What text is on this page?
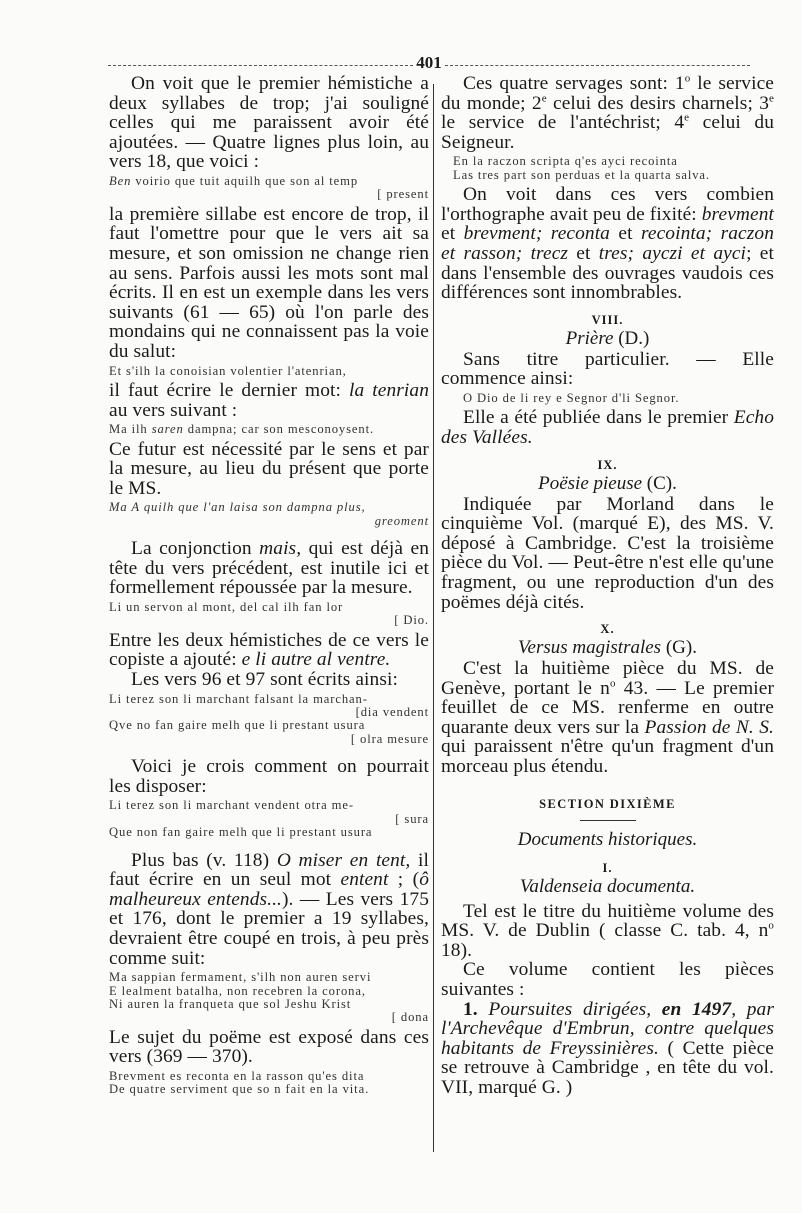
401

On voit que le premier hémistiche a deux syllabes de trop; j'ai souligné celles qui me paraissent avoir été ajoutées. — Quatre lignes plus loin, au vers 18, que voici :

Ben voirio que tuit aquilh que son al temp
[ present

la première sillabe est encore de trop, il faut l'omettre pour que le vers ait sa mesure, et son omission ne change rien au sens. Parfois aussi les mots sont mal écrits. Il en est un exemple dans les vers suivants (61 — 65) où l'on parle des mondains qui ne connaissent pas la voie du salut:

Et s'ilh la conoisian volentier l'atenrian,

il faut écrire le dernier mot: la tenrian au vers suivant :

Ma ilh saren dampna; car son mesconoysent.

Ce futur est nécessité par le sens et par la mesure, au lieu du présent que porte le MS.

Ma A quilh que l'an laisa son dampna plus,
greoment

La conjonction mais, qui est déjà en tête du vers précédent, est inutile ici et formellement répoussée par la mesure.

Li un servon al mont, del cal ilh fan lor
[ Dio.

Entre les deux hémistiches de ce vers le copiste a ajouté: e li autre al ventre.

Les vers 96 et 97 sont écrits ainsi:

Li terez son li marchant falsant la marchan-
[dia vendent
Qve no fan gaire melh que li prestant usura
[ olra mesure

Voici je crois comment on pourrait les disposer:

Li terez son li marchant vendent otra me-
[ sura
Que non fan gaire melh que li prestant usura

Plus bas (v. 118) O miser en tent, il faut écrire en un seul mot entent ; (ô malheureux entends...). — Les vers 175 et 176, dont le premier a 19 syllabes, devraient être coupé en trois, à peu près comme suit:

Ma sappian fermament, s'ilh non auren servi
E lealment batalha, non recebren la corona,
Ni auren la franqueta que sol Jeshu Krist
[ dona

Le sujet du poëme est exposé dans ces vers (369 — 370).

Brevment es reconta en la rasson qu'es dita
De quatre serviment que so n fait en la vita.

Ces quatre servages sont: 1$^o$ le service du monde; 2e celui des desirs charnels; 3e le service de l'antéchrist; 4e celui du Seigneur.

En la raczon scripta q'es ayci recointa
Las tres part son perduas et la quarta salva.

On voit dans ces vers combien l'orthographe avait peu de fixité: brevment et brevment; reconta et recointa; raczon et rasson; trecz et tres; ayczi et ayci; et dans l'ensemble des ouvrages vaudois ces différences sont innombrables.

VIII.
Prière (D.)

Sans titre particulier. — Elle commence ainsi:

O Dio de li rey e Segnor d'li Segnor.

Elle a été publiée dans le premier Echo des Vallées.

IX.
Poësie pieuse (C).

Indiquée par Morland dans le cinquième Vol. (marqué E), des MS. V. déposé à Cambridge. C'est la troisième pièce du Vol. — Peut-être n'est elle qu'une fragment, ou une reproduction d'un des poëmes déjà cités.

X.
Versus magistrales (G).

C'est la huitième pièce du MS. de Genève, portant le $n^o$ 43. — Le premier feuillet de ce MS. renferme en outre quarante deux vers sur la Passion de N. S. qui paraissent n'être qu'un fragment d'un morceau plus étendu.

SECTION DIXIÈME
Documents historiques.
I.
Valdenseia documenta.

Tel est le titre du huitième volume des MS. V. de Dublin ( classe C. tab. 4, $n^o$ 18).

Ce volume contient les pièces suivantes :

1. Poursuites dirigées, en 1497, par l'Archevêque d'Embrun, contre quelques habitants de Freyssinières. ( Cette pièce se retrouve à Cambridge , en tête du vol. VII, marqué G. )
